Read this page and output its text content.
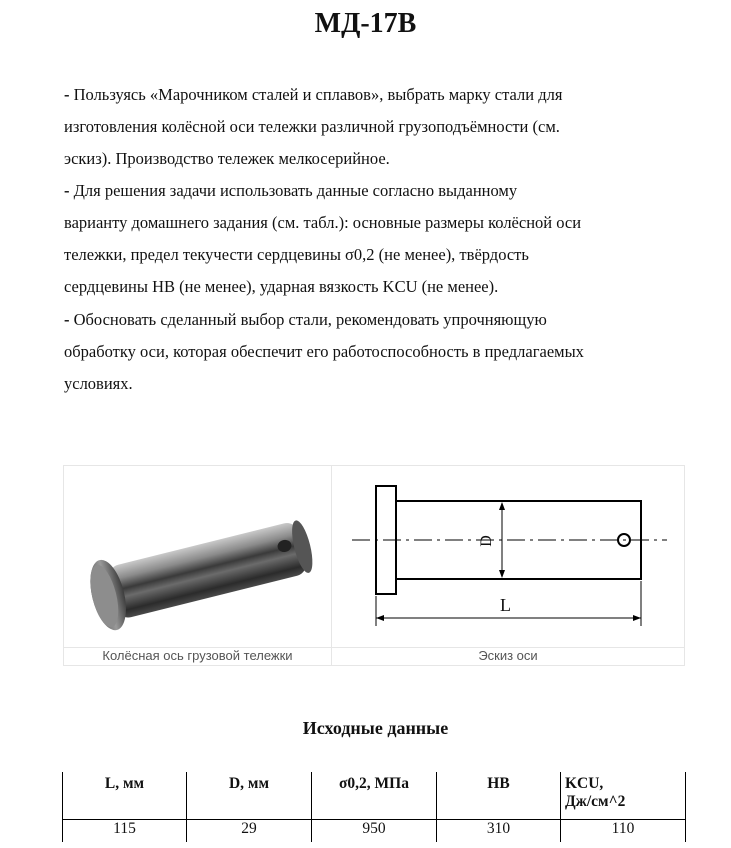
МД-17В
- Пользуясь «Марочником сталей и сплавов», выбрать марку стали для
изготовления колёсной оси тележки различной грузоподъёмности (см.
эскиз). Производство тележек мелкосерийное.
- Для решения задачи использовать данные согласно выданному
варианту домашнего задания (см. табл.): основные размеры колёсной оси
тележки, предел текучести сердцевины σ0,2 (не менее), твёрдость
сердцевины HB (не менее), ударная вязкость KCU (не менее).
- Обосновать сделанный выбор стали, рекомендовать упрочняющую
обработку оси, которая обеспечит его работоспособность в предлагаемых
условиях.
D
L
Колёсная ось грузовой тележки	Эскиз оси
Исходные данные
L, мм	D, мм	σ0,2, МПа	HB	KCU,
Дж/см^2
115	29	950	310	110
